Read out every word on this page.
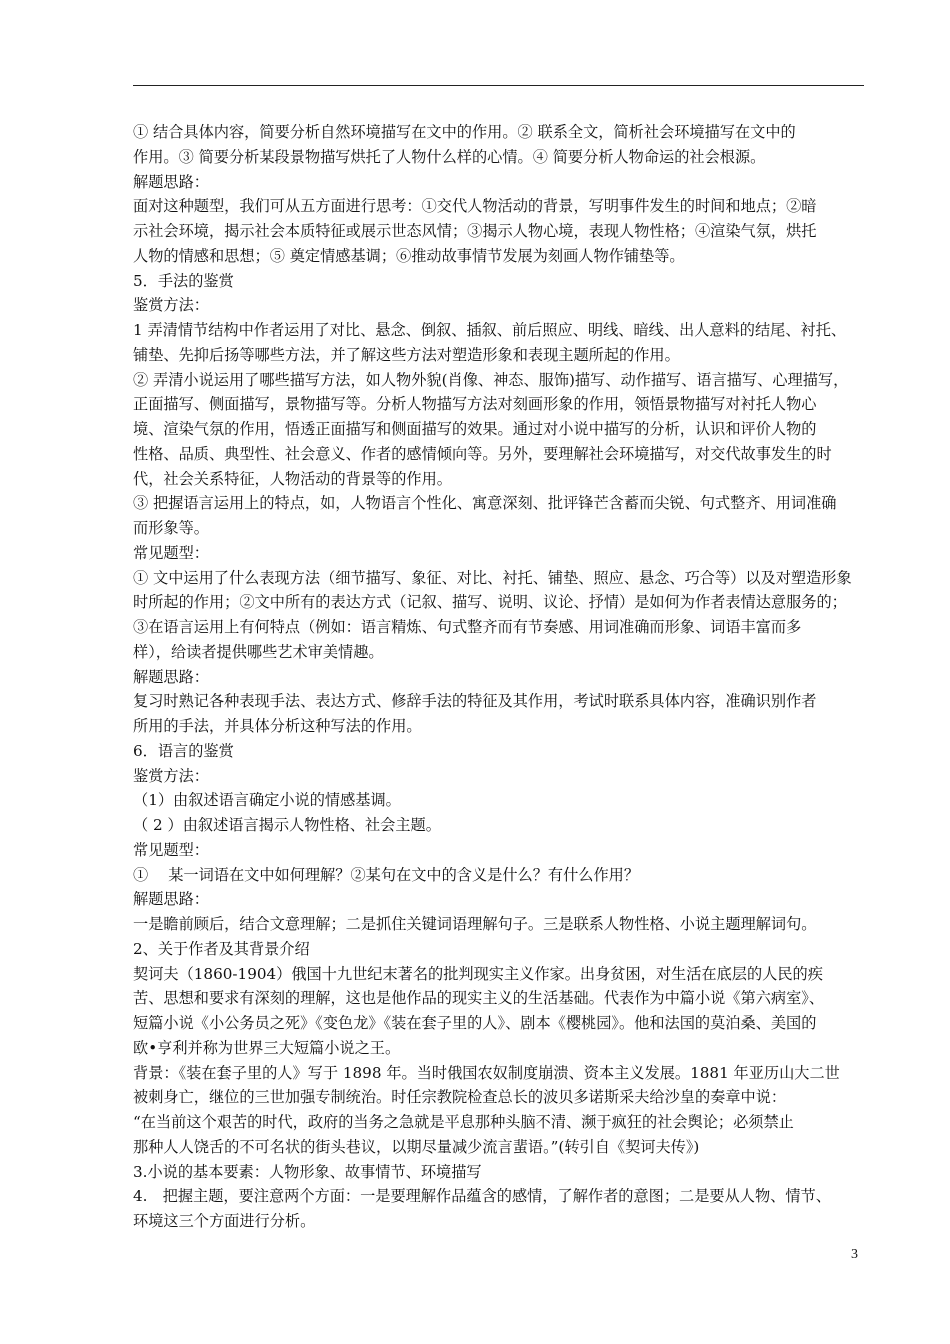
① 结合具体内容，简要分析自然环境描写在文中的作用。② 联系全文，简析社会环境描写在文中的
作用。③ 简要分析某段景物描写烘托了人物什么样的心情。④ 简要分析人物命运的社会根源。
解题思路：
面对这种题型，我们可从五方面进行思考：①交代人物活动的背景，写明事件发生的时间和地点；②暗
示社会环境，揭示社会本质特征或展示世态风情；③揭示人物心境，表现人物性格；④渲染气氛，烘托
人物的情感和思想；⑤ 奠定情感基调；⑥推动故事情节发展为刻画人物作铺垫等。
5．手法的鉴赏
鉴赏方法：
1 弄清情节结构中作者运用了对比、悬念、倒叙、插叙、前后照应、明线、暗线、出人意料的结尾、衬托、
铺垫、先抑后扬等哪些方法，并了解这些方法对塑造形象和表现主题所起的作用。
② 弄清小说运用了哪些描写方法，如人物外貌(肖像、神态、服饰)描写、动作描写、语言描写、心理描写，
正面描写、侧面描写，景物描写等。分析人物描写方法对刻画形象的作用，领悟景物描写对衬托人物心
境、渲染气氛的作用，悟透正面描写和侧面描写的效果。通过对小说中描写的分析，认识和评价人物的
性格、品质、典型性、社会意义、作者的感情倾向等。另外，要理解社会环境描写，对交代故事发生的时
代，社会关系特征，人物活动的背景等的作用。
③ 把握语言运用上的特点，如，人物语言个性化、寓意深刻、批评锋芒含蓄而尖锐、句式整齐、用词准确
而形象等。
常见题型：
① 文中运用了什么表现方法（细节描写、象征、对比、衬托、铺垫、照应、悬念、巧合等）以及对塑造形象
时所起的作用；②文中所有的表达方式（记叙、描写、说明、议论、抒情）是如何为作者表情达意服务的；
③在语言运用上有何特点（例如：语言精炼、句式整齐而有节奏感、用词准确而形象、词语丰富而多
样），给读者提供哪些艺术审美情趣。
解题思路：
复习时熟记各种表现手法、表达方式、修辞手法的特征及其作用，考试时联系具体内容，准确识别作者
所用的手法，并具体分析这种写法的作用。
6．语言的鉴赏
鉴赏方法：
（1）由叙述语言确定小说的情感基调。
（ 2 ）由叙述语言揭示人物性格、社会主题。
常见题型：
①　 某一词语在文中如何理解？②某句在文中的含义是什么？有什么作用？
解题思路：
一是瞻前顾后，结合文意理解；二是抓住关键词语理解句子。三是联系人物性格、小说主题理解词句。
2、关于作者及其背景介绍
契诃夫（1860-1904）俄国十九世纪末著名的批判现实主义作家。出身贫困，对生活在底层的人民的疾
苦、思想和要求有深刻的理解，这也是他作品的现实主义的生活基础。代表作为中篇小说《第六病室》、
短篇小说《小公务员之死》《变色龙》《装在套子里的人》、剧本《樱桃园》。他和法国的莫泊桑、美国的
欧•亨利并称为世界三大短篇小说之王。
背景：《装在套子里的人》写于 1898 年。当时俄国农奴制度崩溃、资本主义发展。1881 年亚历山大二世
被刺身亡，继位的三世加强专制统治。时任宗教院检查总长的波贝多诺斯采夫给沙皇的奏章中说：
“在当前这个艰苦的时代，政府的当务之急就是平息那种头脑不清、濒于疯狂的社会舆论；必须禁止
那种人人饶舌的不可名状的街头巷议，以期尽量减少流言蜚语。”(转引自《契诃夫传》)
3.小说的基本要素：人物形象、故事情节、环境描写
4.　把握主题，要注意两个方面：一是要理解作品蕴含的感情，了解作者的意图；二是要从人物、情节、
环境这三个方面进行分析。
3
